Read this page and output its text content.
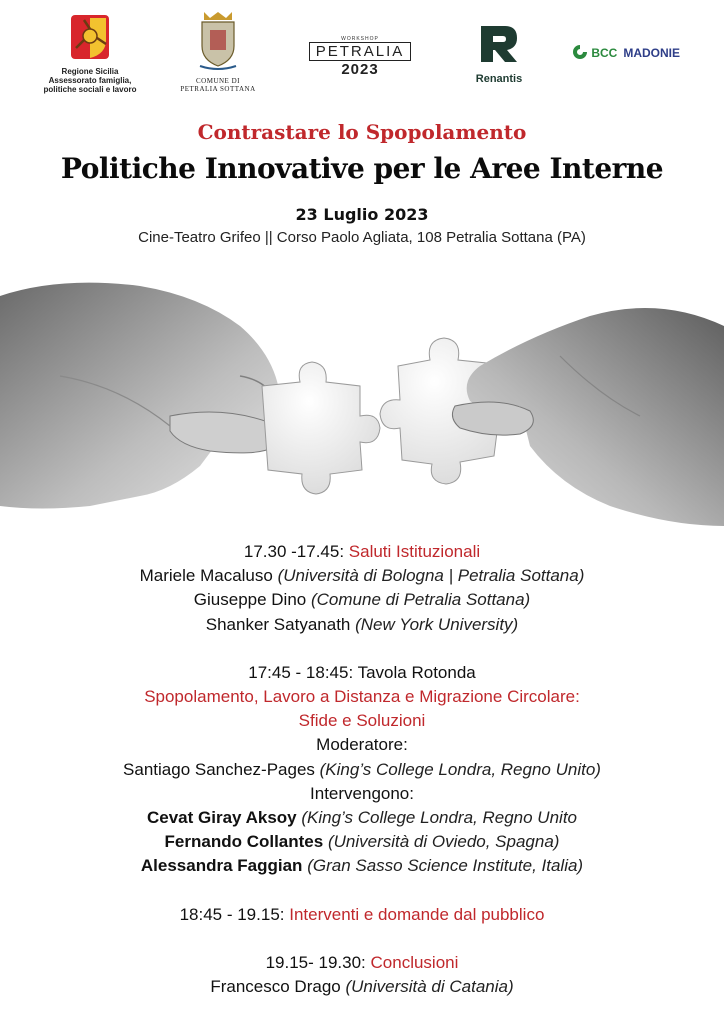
Regione Sicilia
Assessorato famiglia,
politiche sociali e lavoro
COMUNE DI
PETRALIA SOTTANA
WORKSHOP
PETRALIA
2023
Renantis
BCC MADONIE
Contrastare lo Spopolamento
Politiche Innovative per le Aree Interne
23 Luglio 2023
Cine-Teatro Grifeo || Corso Paolo Agliata, 108 Petralia Sottana (PA)
17.30 -17.45: Saluti Istituzionali
Mariele Macaluso (Università di Bologna | Petralia Sottana)
Giuseppe Dino (Comune di Petralia Sottana)
Shanker Satyanath (New York University)
17:45 - 18:45: Tavola Rotonda
Spopolamento, Lavoro a Distanza e Migrazione Circolare:
Sfide e Soluzioni
Moderatore:
Santiago Sanchez-Pages (King’s College Londra, Regno Unito)
Intervengono:
Cevat Giray Aksoy (King’s College Londra, Regno Unito
Fernando Collantes (Università di Oviedo, Spagna)
Alessandra Faggian (Gran Sasso Science Institute, Italia)
18:45 - 19.15: Interventi e domande dal pubblico
19.15- 19.30: Conclusioni
Francesco Drago (Università di Catania)
